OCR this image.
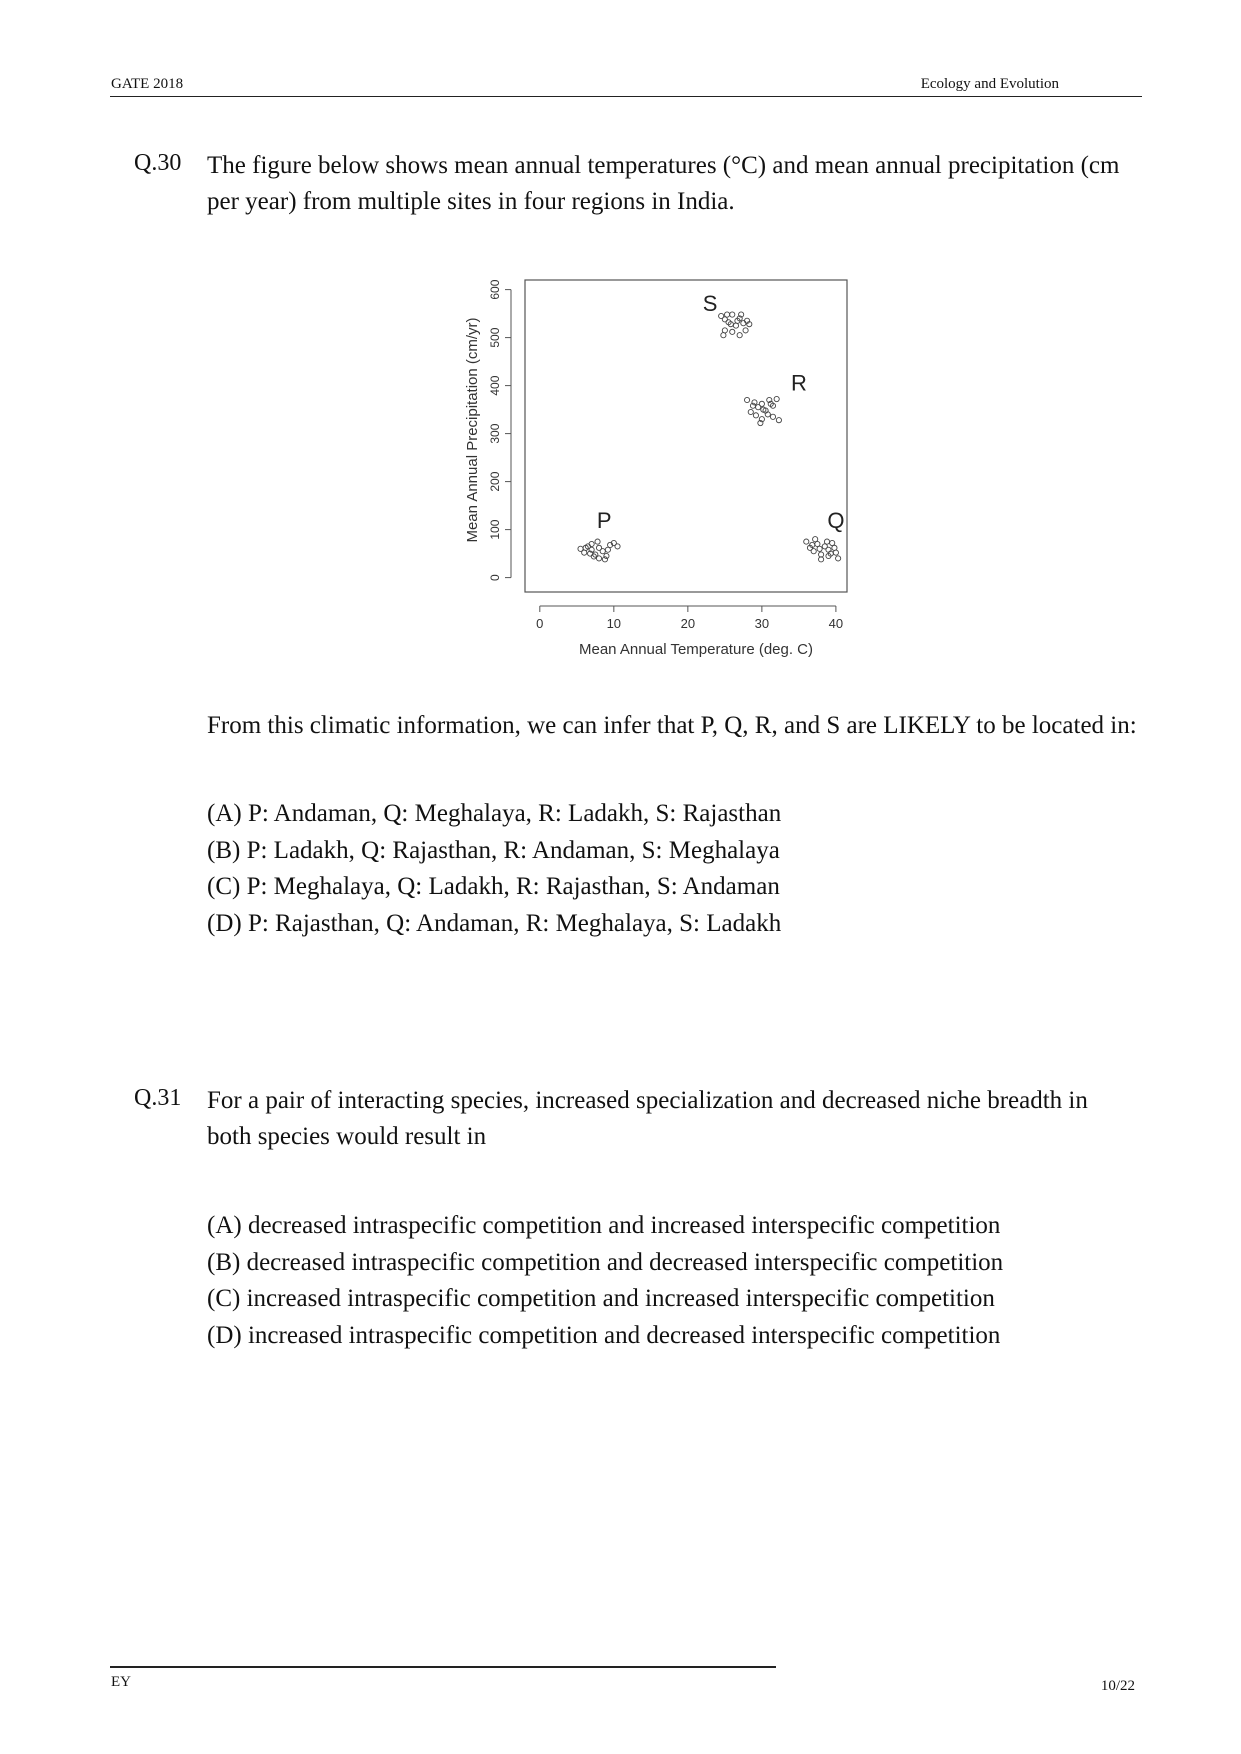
GATE 2018	Ecology and Evolution
Q.30 The figure below shows mean annual temperatures (°C) and mean annual precipitation (cm per year) from multiple sites in four regions in India.
0	10	20	30	40
Mean Annual Temperature (deg. C)
0
100
200
300
400
500
600
Mean Annual Precipitation (cm/yr)	P	Q
R
S
From this climatic information, we can infer that P, Q, R, and S are LIKELY to be located in:
(A) P: Andaman, Q: Meghalaya, R: Ladakh, S: Rajasthan
(B) P: Ladakh, Q: Rajasthan, R: Andaman, S: Meghalaya
(C) P: Meghalaya, Q: Ladakh, R: Rajasthan, S: Andaman
(D) P: Rajasthan, Q: Andaman, R: Meghalaya, S: Ladakh
Q.31 For a pair of interacting species, increased specialization and decreased niche breadth in both species would result in
(A) decreased intraspecific competition and increased interspecific competition
(B) decreased intraspecific competition and decreased interspecific competition
(C) increased intraspecific competition and increased interspecific competition
(D) increased intraspecific competition and decreased interspecific competition
EY	10/22
